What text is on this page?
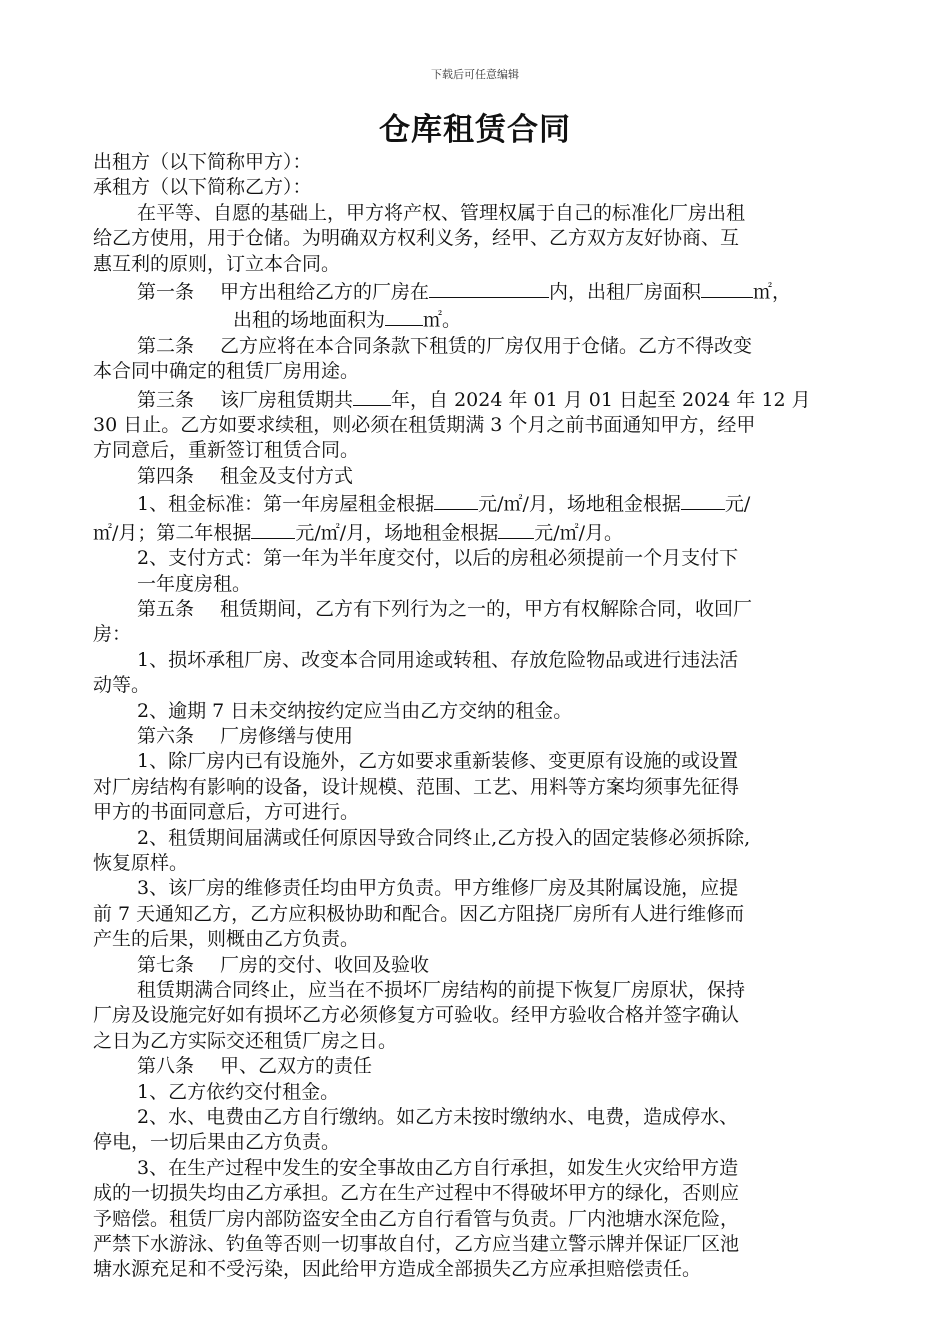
下载后可任意编辑
仓库租赁合同
出租方（以下简称甲方）：
承租方（以下简称乙方）：
在平等、自愿的基础上，甲方将产权、管理权属于自己的标准化厂房出租
给乙方使用，用于仓储。为明确双方权利义务，经甲、乙方双方友好协商、互
惠互利的原则，订立本合同。
第一条 甲方出租给乙方的厂房在	内，出租厂房面积	㎡，
出租的场地面积为 ㎡。
第二条 乙方应将在本合同条款下租赁的厂房仅用于仓储。乙方不得改变
本合同中确定的租赁厂房用途。
第三条 该厂房租赁期共 年，自 2024 年 01 月 01 日起至 2024 年 12 月
30 日止。乙方如要求续租，则必须在租赁期满 3 个月之前书面通知甲方，经甲
方同意后，重新签订租赁合同。
第四条 租金及支付方式
1、租金标准：第一年房屋租金根据 元/㎡/月，场地租金根据 元/
㎡/月；第二年根据 元/㎡/月，场地租金根据 元/㎡/月。
2、支付方式：第一年为半年度交付，以后的房租必须提前一个月支付下
一年度房租。
第五条 租赁期间，乙方有下列行为之一的，甲方有权解除合同，收回厂
房：
1、损坏承租厂房、改变本合同用途或转租、存放危险物品或进行违法活
动等。
2、逾期 7 日未交纳按约定应当由乙方交纳的租金。
第六条 厂房修缮与使用
1、除厂房内已有设施外，乙方如要求重新装修、变更原有设施的或设置
对厂房结构有影响的设备，设计规模、范围、工艺、用料等方案均须事先征得
甲方的书面同意后，方可进行。
2、租赁期间届满或任何原因导致合同终止,乙方投入的固定装修必须拆除,
恢复原样。
3、该厂房的维修责任均由甲方负责。甲方维修厂房及其附属设施，应提
前 7 天通知乙方，乙方应积极协助和配合。因乙方阻挠厂房所有人进行维修而
产生的后果，则概由乙方负责。
第七条 厂房的交付、收回及验收
租赁期满合同终止，应当在不损坏厂房结构的前提下恢复厂房原状，保持
厂房及设施完好如有损坏乙方必须修复方可验收。经甲方验收合格并签字确认
之日为乙方实际交还租赁厂房之日。
第八条 甲、乙双方的责任
1、乙方依约交付租金。
2、水、电费由乙方自行缴纳。如乙方未按时缴纳水、电费，造成停水、
停电，一切后果由乙方负责。
3、在生产过程中发生的安全事故由乙方自行承担，如发生火灾给甲方造
成的一切损失均由乙方承担。乙方在生产过程中不得破坏甲方的绿化，否则应
予赔偿。租赁厂房内部防盗安全由乙方自行看管与负责。厂内池塘水深危险，
严禁下水游泳、钓鱼等否则一切事故自付，乙方应当建立警示牌并保证厂区池
塘水源充足和不受污染，因此给甲方造成全部损失乙方应承担赔偿责任。
